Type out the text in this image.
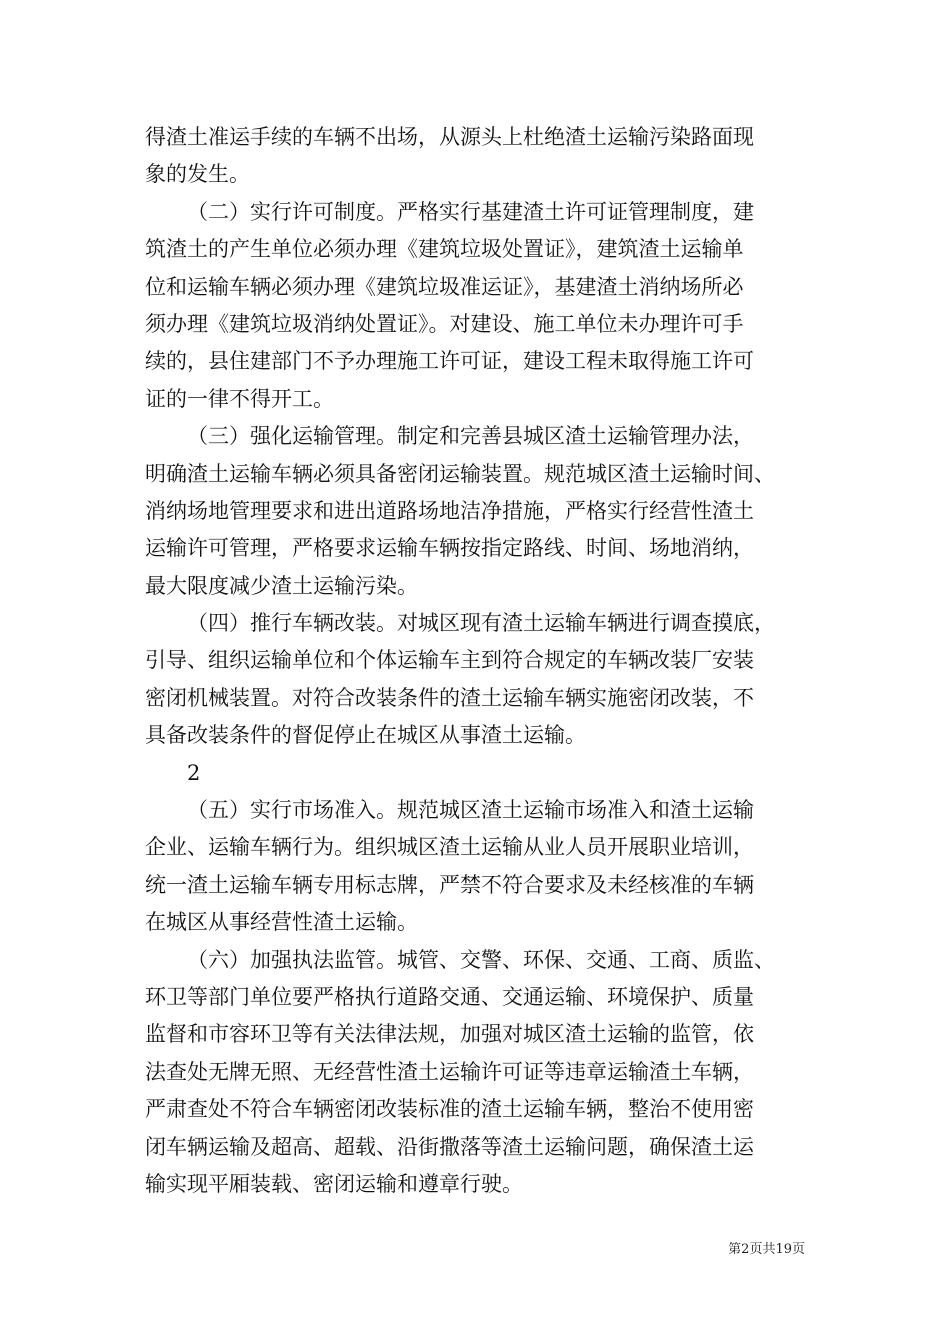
得渣土准运手续的车辆不出场，从源头上杜绝渣土运输污染路面现
象的发生。
（二）实行许可制度。严格实行基建渣土许可证管理制度，建
筑渣土的产生单位必须办理《建筑垃圾处置证》，建筑渣土运输单
位和运输车辆必须办理《建筑垃圾准运证》，基建渣土消纳场所必
须办理《建筑垃圾消纳处置证》。对建设、施工单位未办理许可手
续的，县住建部门不予办理施工许可证，建设工程未取得施工许可
证的一律不得开工。
（三）强化运输管理。制定和完善县城区渣土运输管理办法，
明确渣土运输车辆必须具备密闭运输装置。规范城区渣土运输时间、
消纳场地管理要求和进出道路场地洁净措施，严格实行经营性渣土
运输许可管理，严格要求运输车辆按指定路线、时间、场地消纳，
最大限度减少渣土运输污染。
（四）推行车辆改装。对城区现有渣土运输车辆进行调查摸底，
引导、组织运输单位和个体运输车主到符合规定的车辆改装厂安装
密闭机械装置。对符合改装条件的渣土运输车辆实施密闭改装，不
具备改装条件的督促停止在城区从事渣土运输。
2
（五）实行市场准入。规范城区渣土运输市场准入和渣土运输
企业、运输车辆行为。组织城区渣土运输从业人员开展职业培训，
统一渣土运输车辆专用标志牌，严禁不符合要求及未经核准的车辆
在城区从事经营性渣土运输。
（六）加强执法监管。城管、交警、环保、交通、工商、质监、
环卫等部门单位要严格执行道路交通、交通运输、环境保护、质量
监督和市容环卫等有关法律法规，加强对城区渣土运输的监管，依
法查处无牌无照、无经营性渣土运输许可证等违章运输渣土车辆，
严肃查处不符合车辆密闭改装标准的渣土运输车辆，整治不使用密
闭车辆运输及超高、超载、沿街撒落等渣土运输问题，确保渣土运
输实现平厢装载、密闭运输和遵章行驶。
第2页共19页
